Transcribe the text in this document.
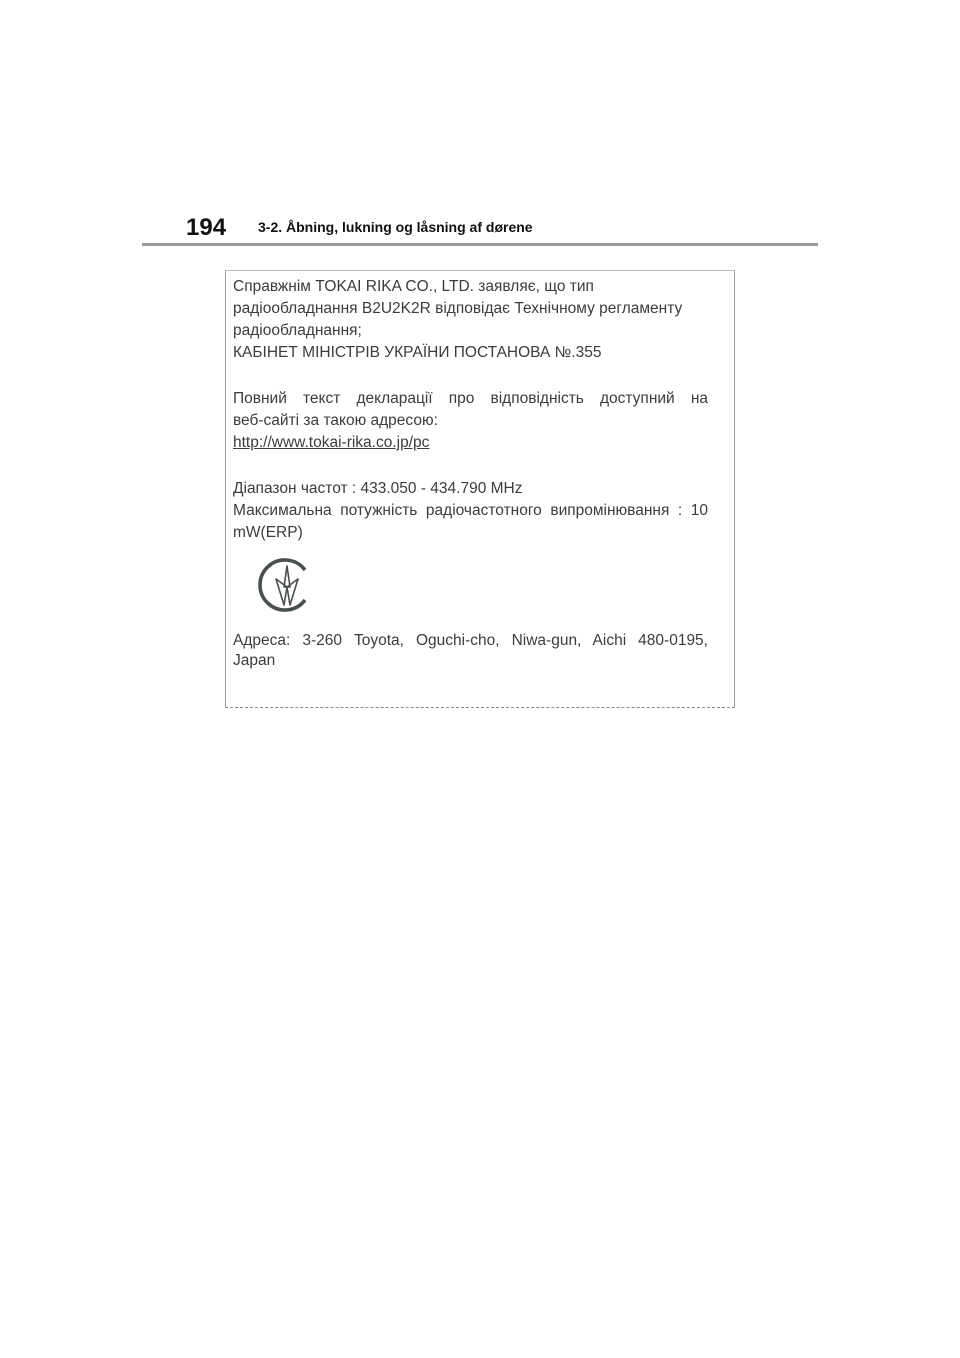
194 3-2. Åbning, lukning og låsning af dørene
Справжнім TOKAI RIKA CO., LTD. заявляє, що тип
радіообладнання B2U2K2R відповідає Технічному регламенту
радіообладнання;
КАБІНЕТ МІНІСТРІВ УКРАЇНИ ПОСТАНОВА №.355
Повний текст декларації про відповідність доступний на
веб-сайті за такою адресою:
http://www.tokai-rika.co.jp/pc
Діапазон частот : 433.050 - 434.790 MHz
Максимальна потужність радіочастотного випромінювання : 10
mW(ERP)
Адреса: 3-260 Toyota, Oguchi-cho, Niwa-gun, Aichi 480-0195,
Japan
